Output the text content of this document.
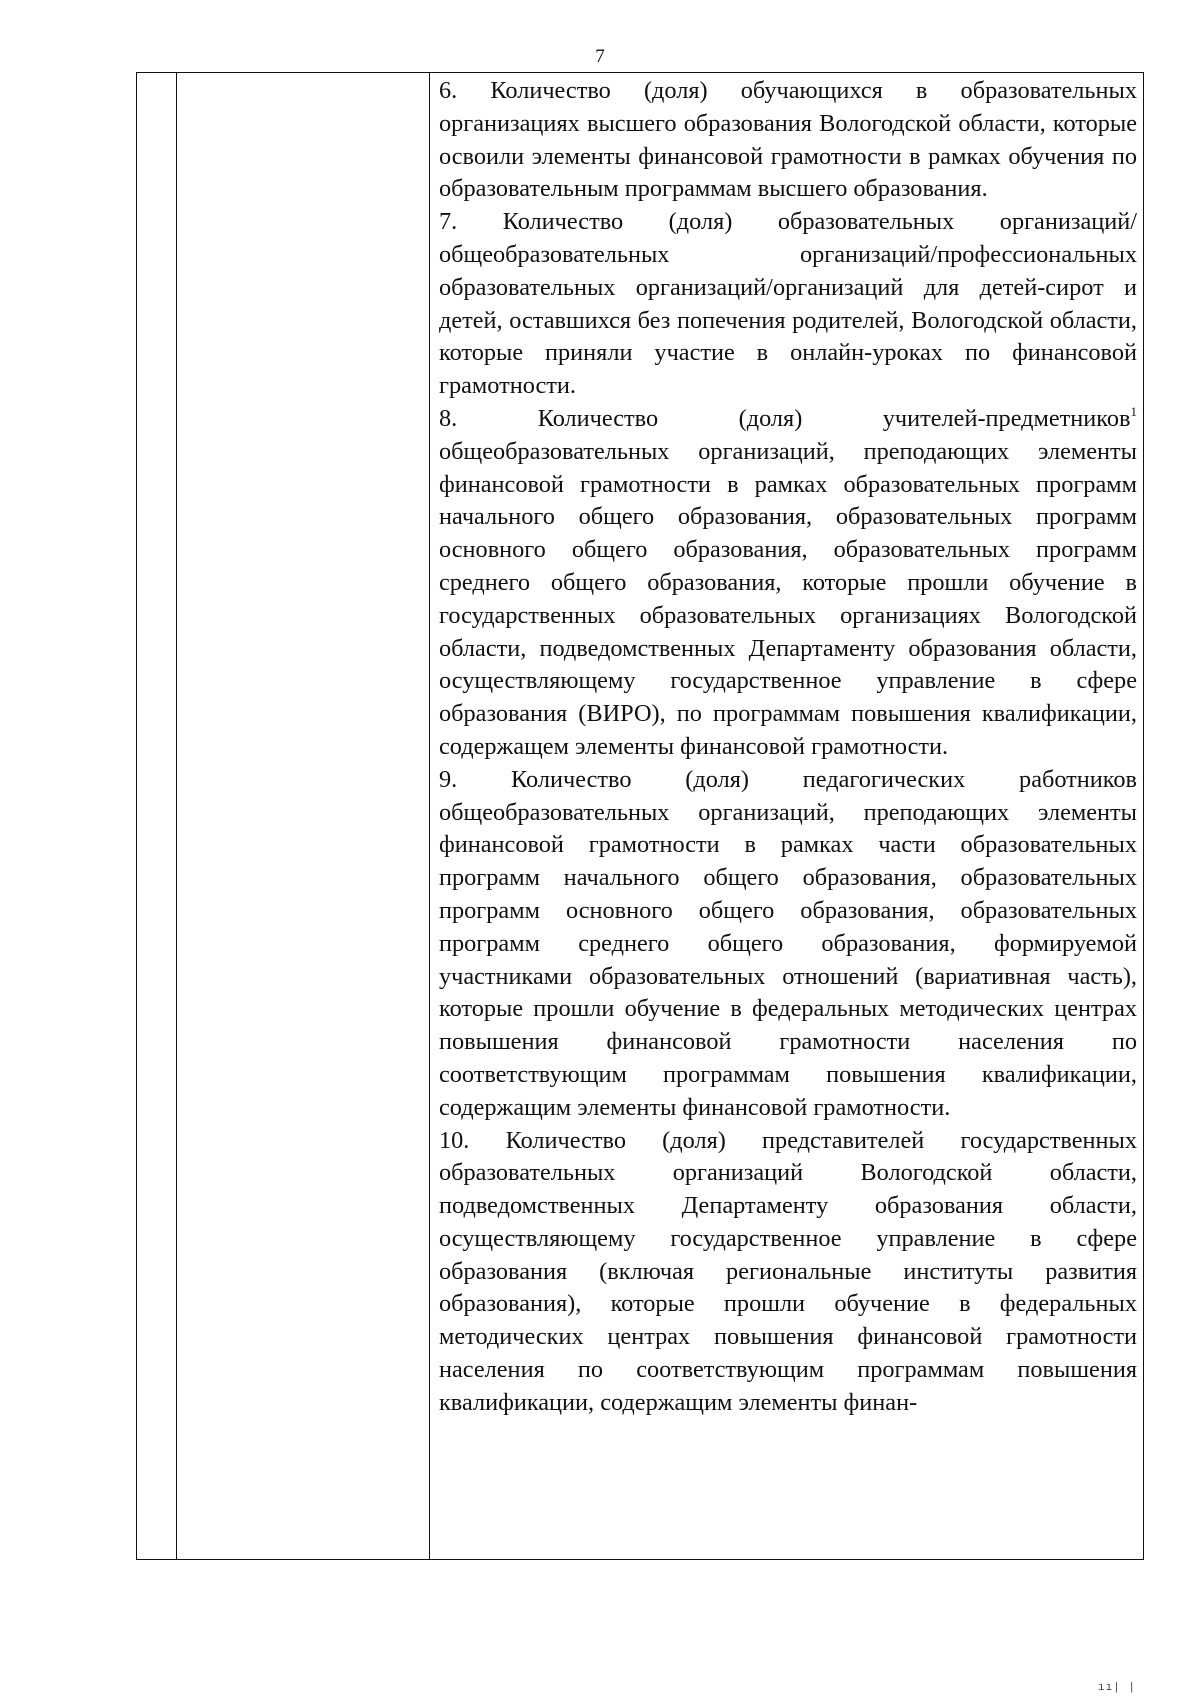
7

6. Количество (доля) обучающихся в образовательных организациях высшего образования Вологодской области, которые освоили элементы финансовой грамотности в рамках обучения по образовательным программам высшего образования.

7. Количество (доля) образовательных организаций/общеобразовательных организаций/профессиональных образовательных организаций/организаций для детей-сирот и детей, оставшихся без попечения родителей, Вологодской области, которые приняли участие в онлайн-уроках по финансовой грамотности.

8. Количество (доля) учителей-предметников$^1$ общеобразовательных организаций, преподающих элементы финансовой грамотности в рамках образовательных программ начального общего образования, образовательных программ основного общего образования, образовательных программ среднего общего образования, которые прошли обучение в государственных образовательных организациях Вологодской области, подведомственных Департаменту образования области, осуществляющему государственное управление в сфере образования (ВИРО), по программам повышения квалификации, содержащем элементы финансовой грамотности.

9. Количество (доля) педагогических работников общеобразовательных организаций, преподающих элементы финансовой грамотности в рамках части образовательных программ начального общего образования, образовательных программ основного общего образования, образовательных программ среднего общего образования, формируемой участниками образовательных отношений (вариативная часть), которые прошли обучение в федеральных методических центрах повышения финансовой грамотности населения по соответствующим программам повышения квалификации, содержащим элементы финансовой грамотности.

10. Количество (доля) представителей государственных образовательных организаций Вологодской области, подведомственных Департаменту образования области, осуществляющему государственное управление в сфере образования (включая региональные институты развития образования), которые прошли обучение в федеральных методических центрах повышения финансовой грамотности населения по соответствующим программам повышения квалификации, содержащим элементы финан-

ıı| |
